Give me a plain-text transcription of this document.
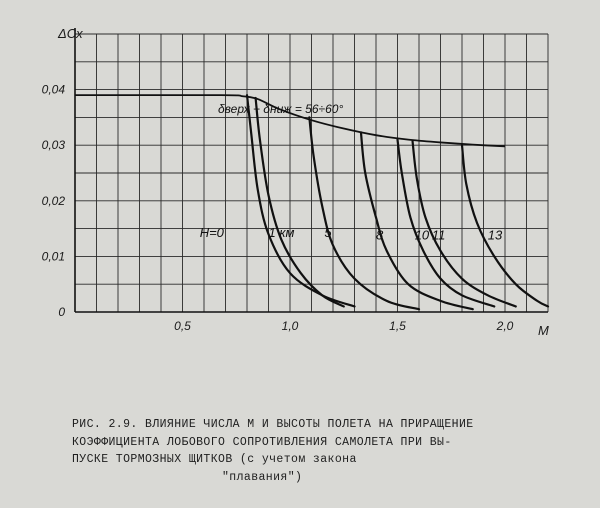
0,5	1,0	1,5	2,0
0
0,01
0,02
0,03
0,04
H=0	1 км 5	8 10 11	13
ΔCx
M
δверх + δниж = 56÷60°
РИС. 2.9. ВЛИЯНИЕ ЧИСЛА М И ВЫСОТЫ ПОЛЕТА НА ПРИРАЩЕНИЕ
КОЭФФИЦИЕНТА ЛОБОВОГО СОПРОТИВЛЕНИЯ САМОЛЕТА ПРИ ВЫ-
ПУСКЕ ТОРМОЗНЫХ ЩИТКОВ (с учетом закона
"плавания")
